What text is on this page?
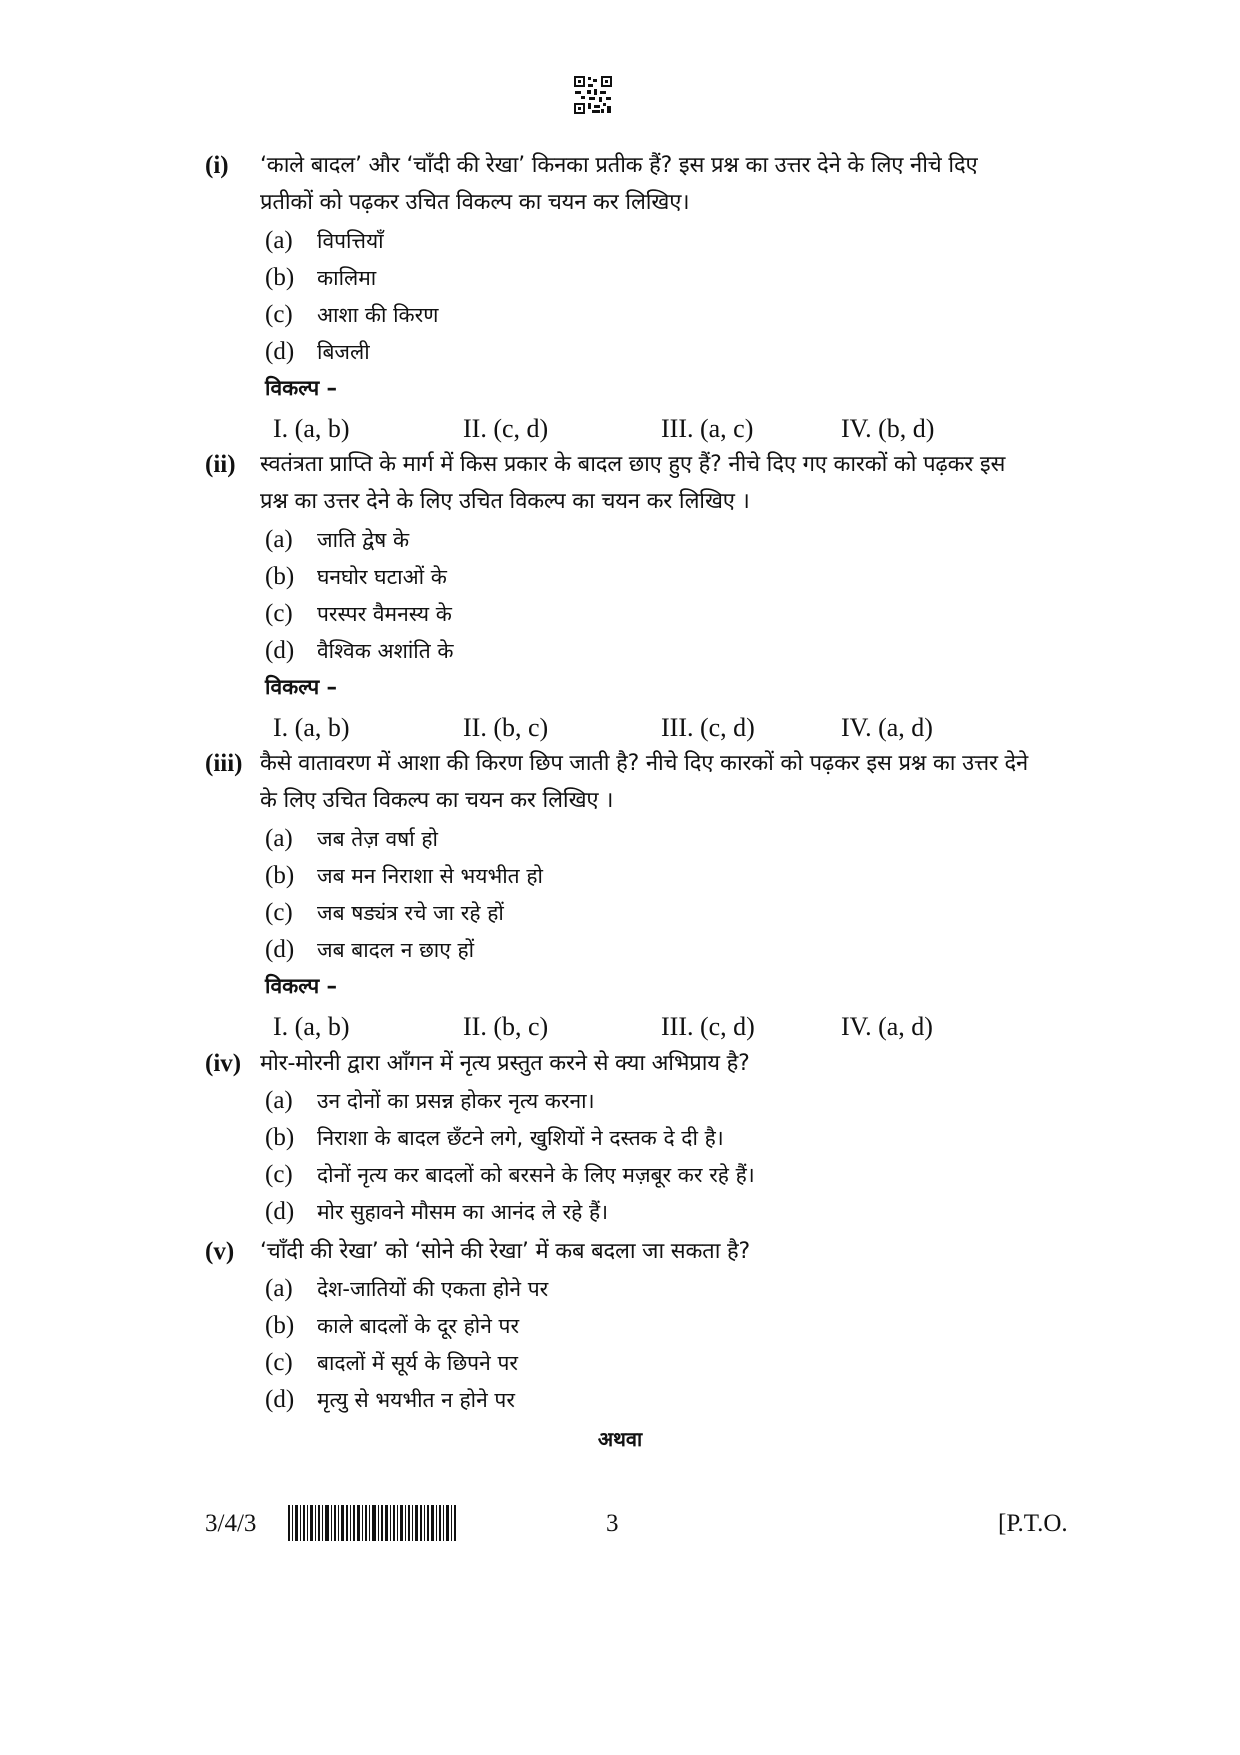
(i) ‘काले बादल’ और ‘चाँदी की रेखा’ किनका प्रतीक हैं? इस प्रश्न का उत्तर देने के लिए नीचे दिए प्रतीकों को पढ़कर उचित विकल्प का चयन कर लिखिए।
(a) विपत्तियाँ
(b) कालिमा
(c) आशा की किरण
(d) बिजली
विकल्प –
I. (a, b)	II. (c, d)	III. (a, c)	IV. (b, d)
(ii) स्वतंत्रता प्राप्ति के मार्ग में किस प्रकार के बादल छाए हुए हैं? नीचे दिए गए कारकों को पढ़कर इस प्रश्न का उत्तर देने के लिए उचित विकल्प का चयन कर लिखिए ।
(a) जाति द्वेष के
(b) घनघोर घटाओं के
(c) परस्पर वैमनस्य के
(d) वैश्विक अशांति के
विकल्प –
I. (a, b)	II. (b, c)	III. (c, d)	IV. (a, d)
(iii) कैसे वातावरण में आशा की किरण छिप जाती है? नीचे दिए कारकों को पढ़कर इस प्रश्न का उत्तर देने के लिए उचित विकल्प का चयन कर लिखिए ।
(a) जब तेज़ वर्षा हो
(b) जब मन निराशा से भयभीत हो
(c) जब षड्यंत्र रचे जा रहे हों
(d) जब बादल न छाए हों
विकल्प –
I. (a, b)	II. (b, c)	III. (c, d)	IV. (a, d)
(iv) मोर-मोरनी द्वारा आँगन में नृत्य प्रस्तुत करने से क्या अभिप्राय है?
(a) उन दोनों का प्रसन्न होकर नृत्य करना।
(b) निराशा के बादल छँटने लगे, खुशियों ने दस्तक दे दी है।
(c) दोनों नृत्य कर बादलों को बरसने के लिए मज़बूर कर रहे हैं।
(d) मोर सुहावने मौसम का आनंद ले रहे हैं।
(v) ‘चाँदी की रेखा’ को ‘सोने की रेखा’ में कब बदला जा सकता है?
(a) देश-जातियों की एकता होने पर
(b) काले बादलों के दूर होने पर
(c) बादलों में सूर्य के छिपने पर
(d) मृत्यु से भयभीत न होने पर
अथवा
3/4/3	3	[P.T.O.
